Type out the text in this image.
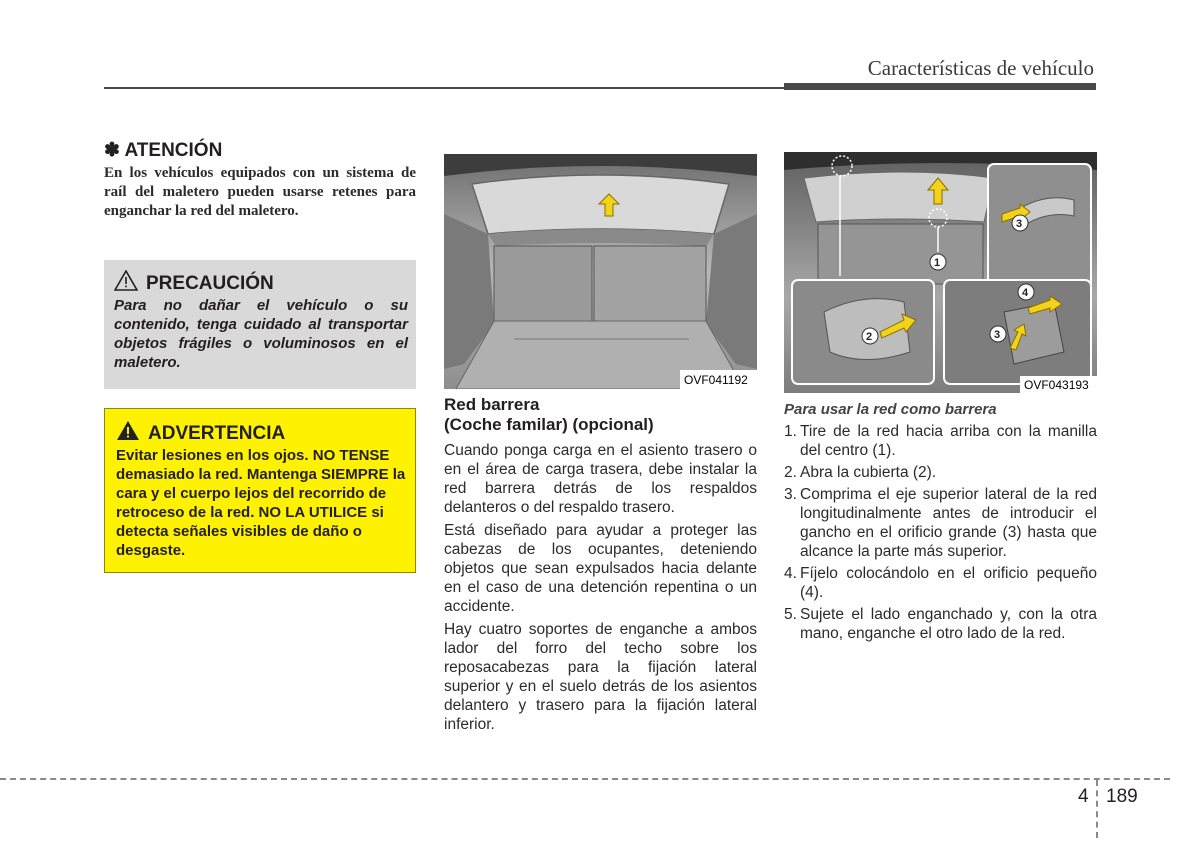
Características de vehículo
✽ ATENCIÓN
En los vehículos equipados con un sistema de raíl del maletero pueden usarse retenes para enganchar la red del maletero.
PRECAUCIÓN
Para no dañar el vehículo o su contenido, tenga cuidado al transportar objetos frágiles o voluminosos en el maletero.
ADVERTENCIA
Evitar lesiones en los ojos. NO TENSE demasiado la red. Mantenga SIEMPRE la cara y el cuerpo lejos del recorrido de retroceso de la red. NO LA UTILICE si detecta señales visibles de daño o desgaste.
OVF041192
Red barrera
(Coche familar) (opcional)

Cuando ponga carga en el asiento trasero o en el área de carga trasera, debe instalar la red barrera detrás de los respaldos delanteros o del respaldo trasero.

Está diseñado para ayudar a proteger las cabezas de los ocupantes, deteniendo objetos que sean expulsados hacia delante en el caso de una detención repentina o un accidente.

Hay cuatro soportes de enganche a ambos lador del forro del techo sobre los reposacabezas para la fijación lateral superior y en el suelo detrás de los asientos delantero y trasero para la fijación lateral inferior.

1
3
2
4
3
OVF043193
Para usar la red como barrera
1. Tire de la red hacia arriba con la manilla del centro (1).
2. Abra la cubierta (2).
3. Comprima el eje superior lateral de la red longitudinalmente antes de introducir el gancho en el orificio grande (3) hasta que alcance la parte más superior.
4. Fíjelo colocándolo en el orificio pequeño (4).
5. Sujete el lado enganchado y, con la otra mano, enganche el otro lado de la red.
4 189
